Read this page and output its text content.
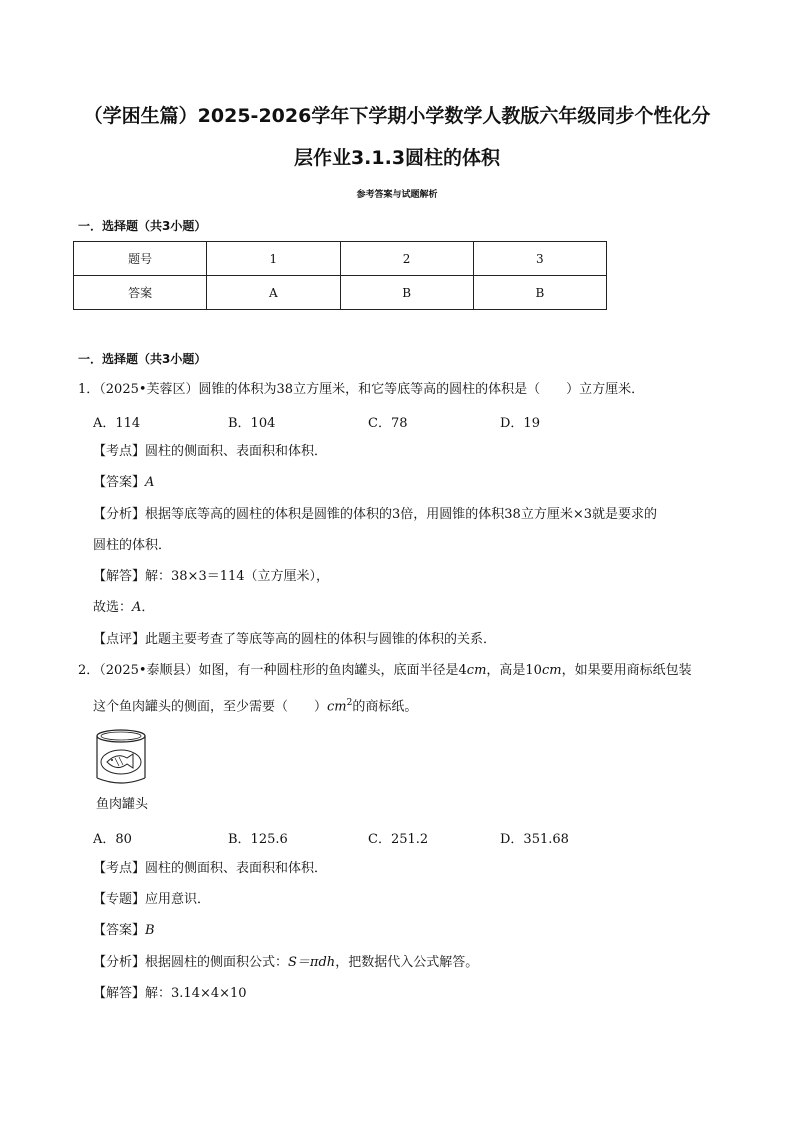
（学困生篇）2025-2026学年下学期小学数学人教版六年级同步个性化分
层作业3.1.3圆柱的体积
参考答案与试题解析
一．选择题（共3小题）
题号	1	2	3
答案	A	B	B
一．选择题（共3小题）
1．（2025•芙蓉区）圆锥的体积为38立方厘米，和它等底等高的圆柱的体积是（　　）立方厘米．
A．114	B．104	C．78	D．19
【考点】圆柱的侧面积、表面积和体积．
【答案】A
【分析】根据等底等高的圆柱的体积是圆锥的体积的3倍，用圆锥的体积38立方厘米×3就是要求的
圆柱的体积．
【解答】解：38×3＝114（立方厘米），
故选：A．
【点评】此题主要考查了等底等高的圆柱的体积与圆锥的体积的关系．
2．（2025•泰顺县）如图，有一种圆柱形的鱼肉罐头，底面半径是4cm，高是10cm，如果要用商标纸包装
这个鱼肉罐头的侧面，至少需要（　　）$cm^2$的商标纸。
鱼肉罐头
A．80	B．125.6	C．251.2	D．351.68
【考点】圆柱的侧面积、表面积和体积．
【专题】应用意识．
【答案】B
【分析】根据圆柱的侧面积公式：S＝πdh，把数据代入公式解答。
【解答】解：3.14×4×10
